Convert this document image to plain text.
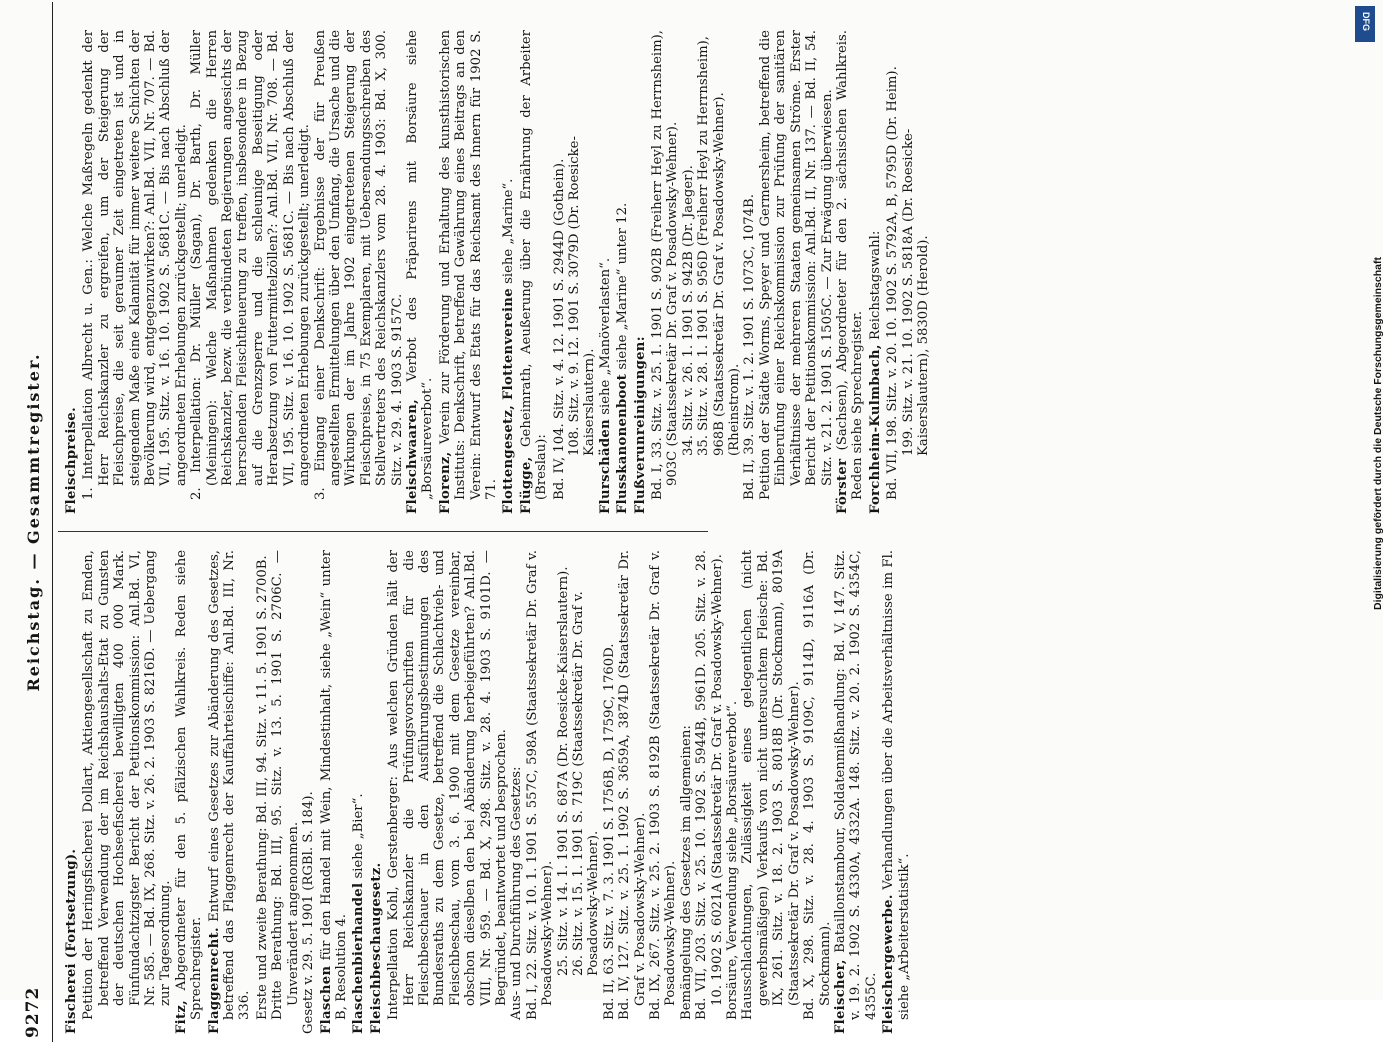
9272
Reichstag. — Gesammtregister.

Fischerei (Fortsetzung). Petition der Heringsfischerei Dollart, Aktiengesellschaft zu Emden, betreffend Verwendung der im Reichshaushalts-Etat zu Gunsten der deutschen Hochseefischerei bewilligten 400 000 Mark. Fünfundachtzigster Bericht der Petitionskommission: Anl.Bd. VI, Nr. 585. — Bd. IX, 268. Sitz. v. 26. 2. 1903 S. 8216D. — Uebergang zur Tagesordnung.

Fitz, Abgeordneter für den 5. pfälzischen Wahlkreis. Reden siehe Sprechregister. Flaggenrecht. Entwurf eines Gesetzes zur Abänderung des Gesetzes, betreffend das Flaggenrecht der Kauffahrteischiffe: Anl.Bd. III, Nr. 336. Erste und zweite Berathung: Bd. III, 94. Sitz. v. 11. 5. 1901 S. 2700B. Dritte Berathung: Bd. III, 95. Sitz. v. 13. 5. 1901 S. 2706C. — Unverändert angenommen. Gesetz v. 29. 5. 1901 (RGBl. S. 184). Flaschen für den Handel mit Wein, Mindestinhalt, siehe „Wein“ unter B, Resolution 4. Flaschenbierhandel siehe „Bier“.

Fleischbeschaugesetz. Interpellation Kohl, Gerstenberger: Aus welchen Gründen hält der Herr Reichskanzler die Prüfungsvorschriften für die Fleischbeschauer in den Ausführungsbestimmungen des Bundesraths zu dem Gesetze, betreffend die Schlachtvieh- und Fleischbeschau, vom 3. 6. 1900 mit dem Gesetze vereinbar, obschon dieselben den bei Abänderung herbeigeführten? Anl.Bd. VIII, Nr. 959. — Bd. X, 298. Sitz. v. 28. 4. 1903 S. 9101D. — Begründet, beantwortet und besprochen. Aus- und Durchführung des Gesetzes: Bd. I, 22. Sitz. v. 10. 1. 1901 S. 557C, 598A (Staatssekretär Dr. Graf v. Posadowsky-Wehner). 25. Sitz. v. 14. 1. 1901 S. 687A (Dr. Roesicke-Kaiserslautern). 26. Sitz. v. 15. 1. 1901 S. 719C (Staatssekretär Dr. Graf v. Posadowsky-Wehner). Bd. II, 63. Sitz. v. 7. 3. 1901 S. 1756B, D, 1759C, 1760D. Bd. IV, 127. Sitz. v. 25. 1. 1902 S. 3659A, 3874D (Staatssekretär Dr. Graf v. Posadowsky-Wehner). Bd. IX, 267. Sitz. v. 25. 2. 1903 S. 8192B (Staatssekretär Dr. Graf v. Posadowsky-Wehner). Bemängelung des Gesetzes im allgemeinen: Bd. VII, 203. Sitz. v. 25. 10. 1902 S. 5944B, 5961D. 205. Sitz. v. 28. 10. 1902 S. 6021A (Staatssekretär Dr. Graf v. Posadowsky-Wehner). Borsäure, Verwendung siehe „Borsäureverbot“. Hausschlachtungen, Zulässigkeit eines gelegentlichen (nicht gewerbsmäßigen) Verkaufs von nicht untersuchtem Fleische: Bd. IX, 261. Sitz. v. 18. 2. 1903 S. 8018B (Dr. Stockmann), 8019A (Staatssekretär Dr. Graf v. Posadowsky-Wehner). Bd. X, 298. Sitz. v. 28. 4. 1903 S. 9109C, 9114D, 9116A (Dr. Stockmann). Fleischer, Bataillonstambour, Soldatenmißhandlung: Bd. V, 147. Sitz. v. 19. 2. 1902 S. 4330A, 4332A. 148. Sitz. v. 20. 2. 1902 S. 4354C, 4355C. Fleischergewerbe. Verhandlungen über die Arbeitsverhältnisse im Fl. siehe „Arbeiterstatistik“.

Fleischpreise. 1. Interpellation Albrecht u. Gen.: Welche Maßregeln gedenkt der Herr Reichskanzler zu ergreifen, um der Steigerung der Fleischpreise, die seit geraumer Zeit eingetreten ist und in steigendem Maße eine Kalamität für immer weitere Schichten der Bevölkerung wird, entgegenzuwirken?: Anl.Bd. VII, Nr. 707. — Bd. VII, 195. Sitz. v. 16. 10. 1902 S. 5681C. — Bis nach Abschluß der angeordneten Erhebungen zurückgestellt; unerledigt. 2. Interpellation: Dr. Müller (Sagan), Dr. Barth, Dr. Müller (Meiningen): Welche Maßnahmen gedenken die Herren Reichskanzler, bezw. die verbündeten Regierungen angesichts der herrschenden Fleischtheuerung zu treffen, insbesondere in Bezug auf die Grenzsperre und die schleunige Beseitigung oder Herabsetzung von Futtermittelzöllen?: Anl.Bd. VII, Nr. 708. — Bd. VII, 195. Sitz. v. 16. 10. 1902 S. 5681C. — Bis nach Abschluß der angeordneten Erhebungen zurückgestellt; unerledigt. 3. Eingang einer Denkschrift: Ergebnisse der für Preußen angestellten Ermittelungen über den Umfang, die Ursache und die Wirkungen der im Jahre 1902 eingetretenen Steigerung der Fleischpreise, in 75 Exemplaren, mit Uebersendungsschreiben des Stellvertreters des Reichskanzlers vom 28. 4. 1903: Bd. X, 300. Sitz. v. 29. 4. 1903 S. 9157C. Fleischwaaren, Verbot des Präparirens mit Borsäure siehe „Borsäureverbot“. Florenz, Verein zur Förderung und Erhaltung des kunsthistorischen Instituts: Denkschrift, betreffend Gewährung eines Beitrags an den Verein: Entwurf des Etats für das Reichsamt des Innern für 1902 S. 71. Flottengesetz, Flottenvereine siehe „Marine“.

Flügge, Geheimrath, Aeußerung über die Ernährung der Arbeiter (Breslau): Bd. IV, 104. Sitz. v. 4. 12. 1901 S. 2944D (Gothein). 108. Sitz. v. 9. 12. 1901 S. 3079D (Dr. Roesicke-Kaiserslautern).

Flurschäden siehe „Manöverlasten“.

Flusskanonenboot siehe „Marine“ unter 12.

Flußverunreinigungen: Bd. I, 33. Sitz. v. 25. 1. 1901 S. 902B (Freiherr Heyl zu Herrnsheim), 903C (Staatssekretär Dr. Graf v. Posadowsky-Wehner). 34. Sitz. v. 26. 1. 1901 S. 942B (Dr. Jaeger). 35. Sitz. v. 28. 1. 1901 S. 956D (Freiherr Heyl zu Herrnsheim), 968B (Staatssekretär Dr. Graf v. Posadowsky-Wehner). (Rheinstrom). Bd. II, 39. Sitz. v. 1. 2. 1901 S. 1073C, 1074B. Petition der Städte Worms, Speyer und Germersheim, betreffend die Einberufung einer Reichskommission zur Prüfung der sanitären Verhältnisse der mehreren Staaten gemeinsamen Ströme. Erster Bericht der Petitionskommission: Anl.Bd. II, Nr. 137. — Bd. II, 54. Sitz. v. 21. 2. 1901 S. 1505C. — Zur Erwägung überwiesen.

Förster (Sachsen), Abgeordneter für den 2. sächsischen Wahlkreis. Reden siehe Sprechregister. Forchheim-Kulmbach, Reichstagswahl: Bd. VII, 198. Sitz. v. 20. 10. 1902 S. 5792A, B, 5795D (Dr. Heim). 199. Sitz. v. 21. 10. 1902 S. 5818A (Dr. Roesicke-Kaiserslautern), 5830D (Herold).

DFG
Digitalisierung gefördert durch die Deutsche Forschungsgemeinschaft
